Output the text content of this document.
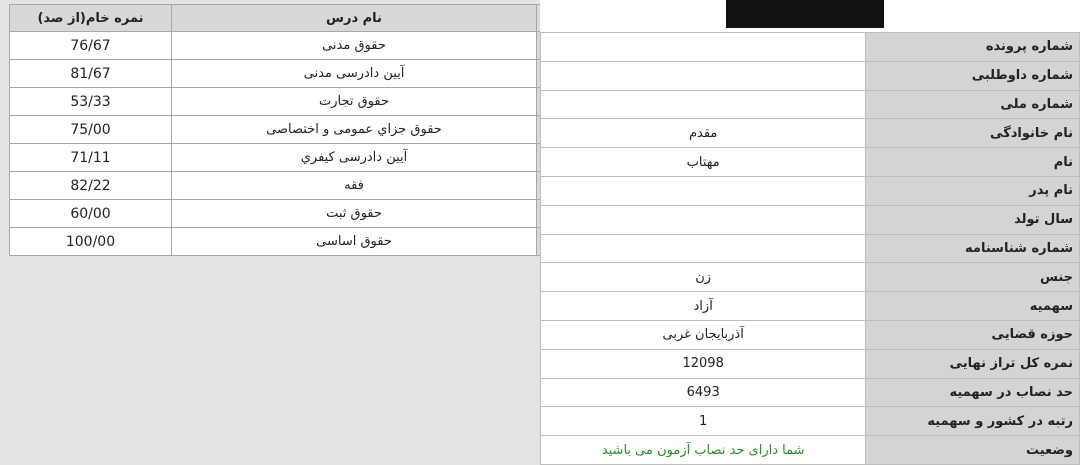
نمره خام(از صد)	نام درس	
76/67	حقوق مدنی	
81/67	آیین دادرسی مدنی	
53/33	حقوق تجارت	
75/00	حقوق جزاي عمومی و اختصاصی	
71/11	آیین دادرسی کیفري	
82/22	فقه	
60/00	حقوق ثبت	
100/00	حقوق اساسی	
	شماره پرونده
	شماره داوطلبی
	شماره ملی
مقدم	نام خانوادگی
مهتاب	نام
	نام پدر
	سال تولد
	شماره شناسنامه
زن	جنس
آزاد	سهمیه
آذربایجان غربی	حوزه قضایی
12098	نمره کل تراز نهایی
6493	حد نصاب در سهمیه
1	رتبه در کشور و سهمیه
شما دارای حد نصاب آزمون می باشید	وضعیت
